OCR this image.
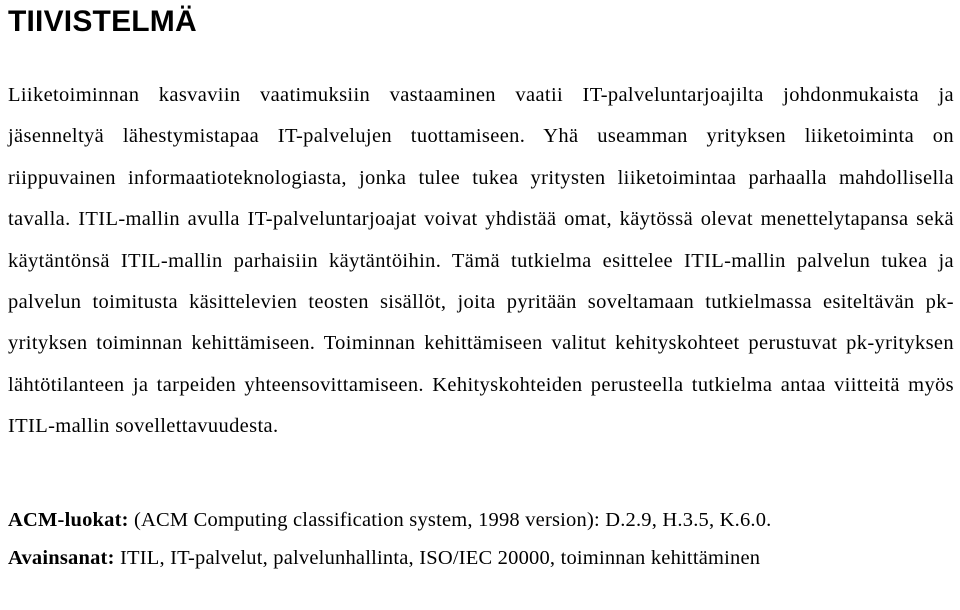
TIIVISTELMÄ

Liiketoiminnan kasvaviin vaatimuksiin vastaaminen vaatii IT-palveluntarjoajilta johdonmukaista ja jäsenneltyä lähestymistapaa IT-palvelujen tuottamiseen. Yhä useamman yrityksen liiketoiminta on riippuvainen informaatioteknologiasta, jonka tulee tukea yritysten liiketoimintaa parhaalla mahdollisella tavalla. ITIL-mallin avulla IT-palveluntarjoajat voivat yhdistää omat, käytössä olevat menettelytapansa sekä käytäntönsä ITIL-mallin parhaisiin käytäntöihin. Tämä tutkielma esittelee ITIL-mallin palvelun tukea ja palvelun toimitusta käsittelevien teosten sisällöt, joita pyritään soveltamaan tutkielmassa esiteltävän pk-yrityksen toiminnan kehittämiseen. Toiminnan kehittämiseen valitut kehityskohteet perustuvat pk-yrityksen lähtötilanteen ja tarpeiden yhteensovittamiseen. Kehityskohteiden perusteella tutkielma antaa viitteitä myös ITIL-mallin sovellettavuudesta.

ACM-luokat: (ACM Computing classification system, 1998 version): D.2.9, H.3.5, K.6.0.

Avainsanat: ITIL, IT-palvelut, palvelunhallinta, ISO/IEC 20000, toiminnan kehittäminen
